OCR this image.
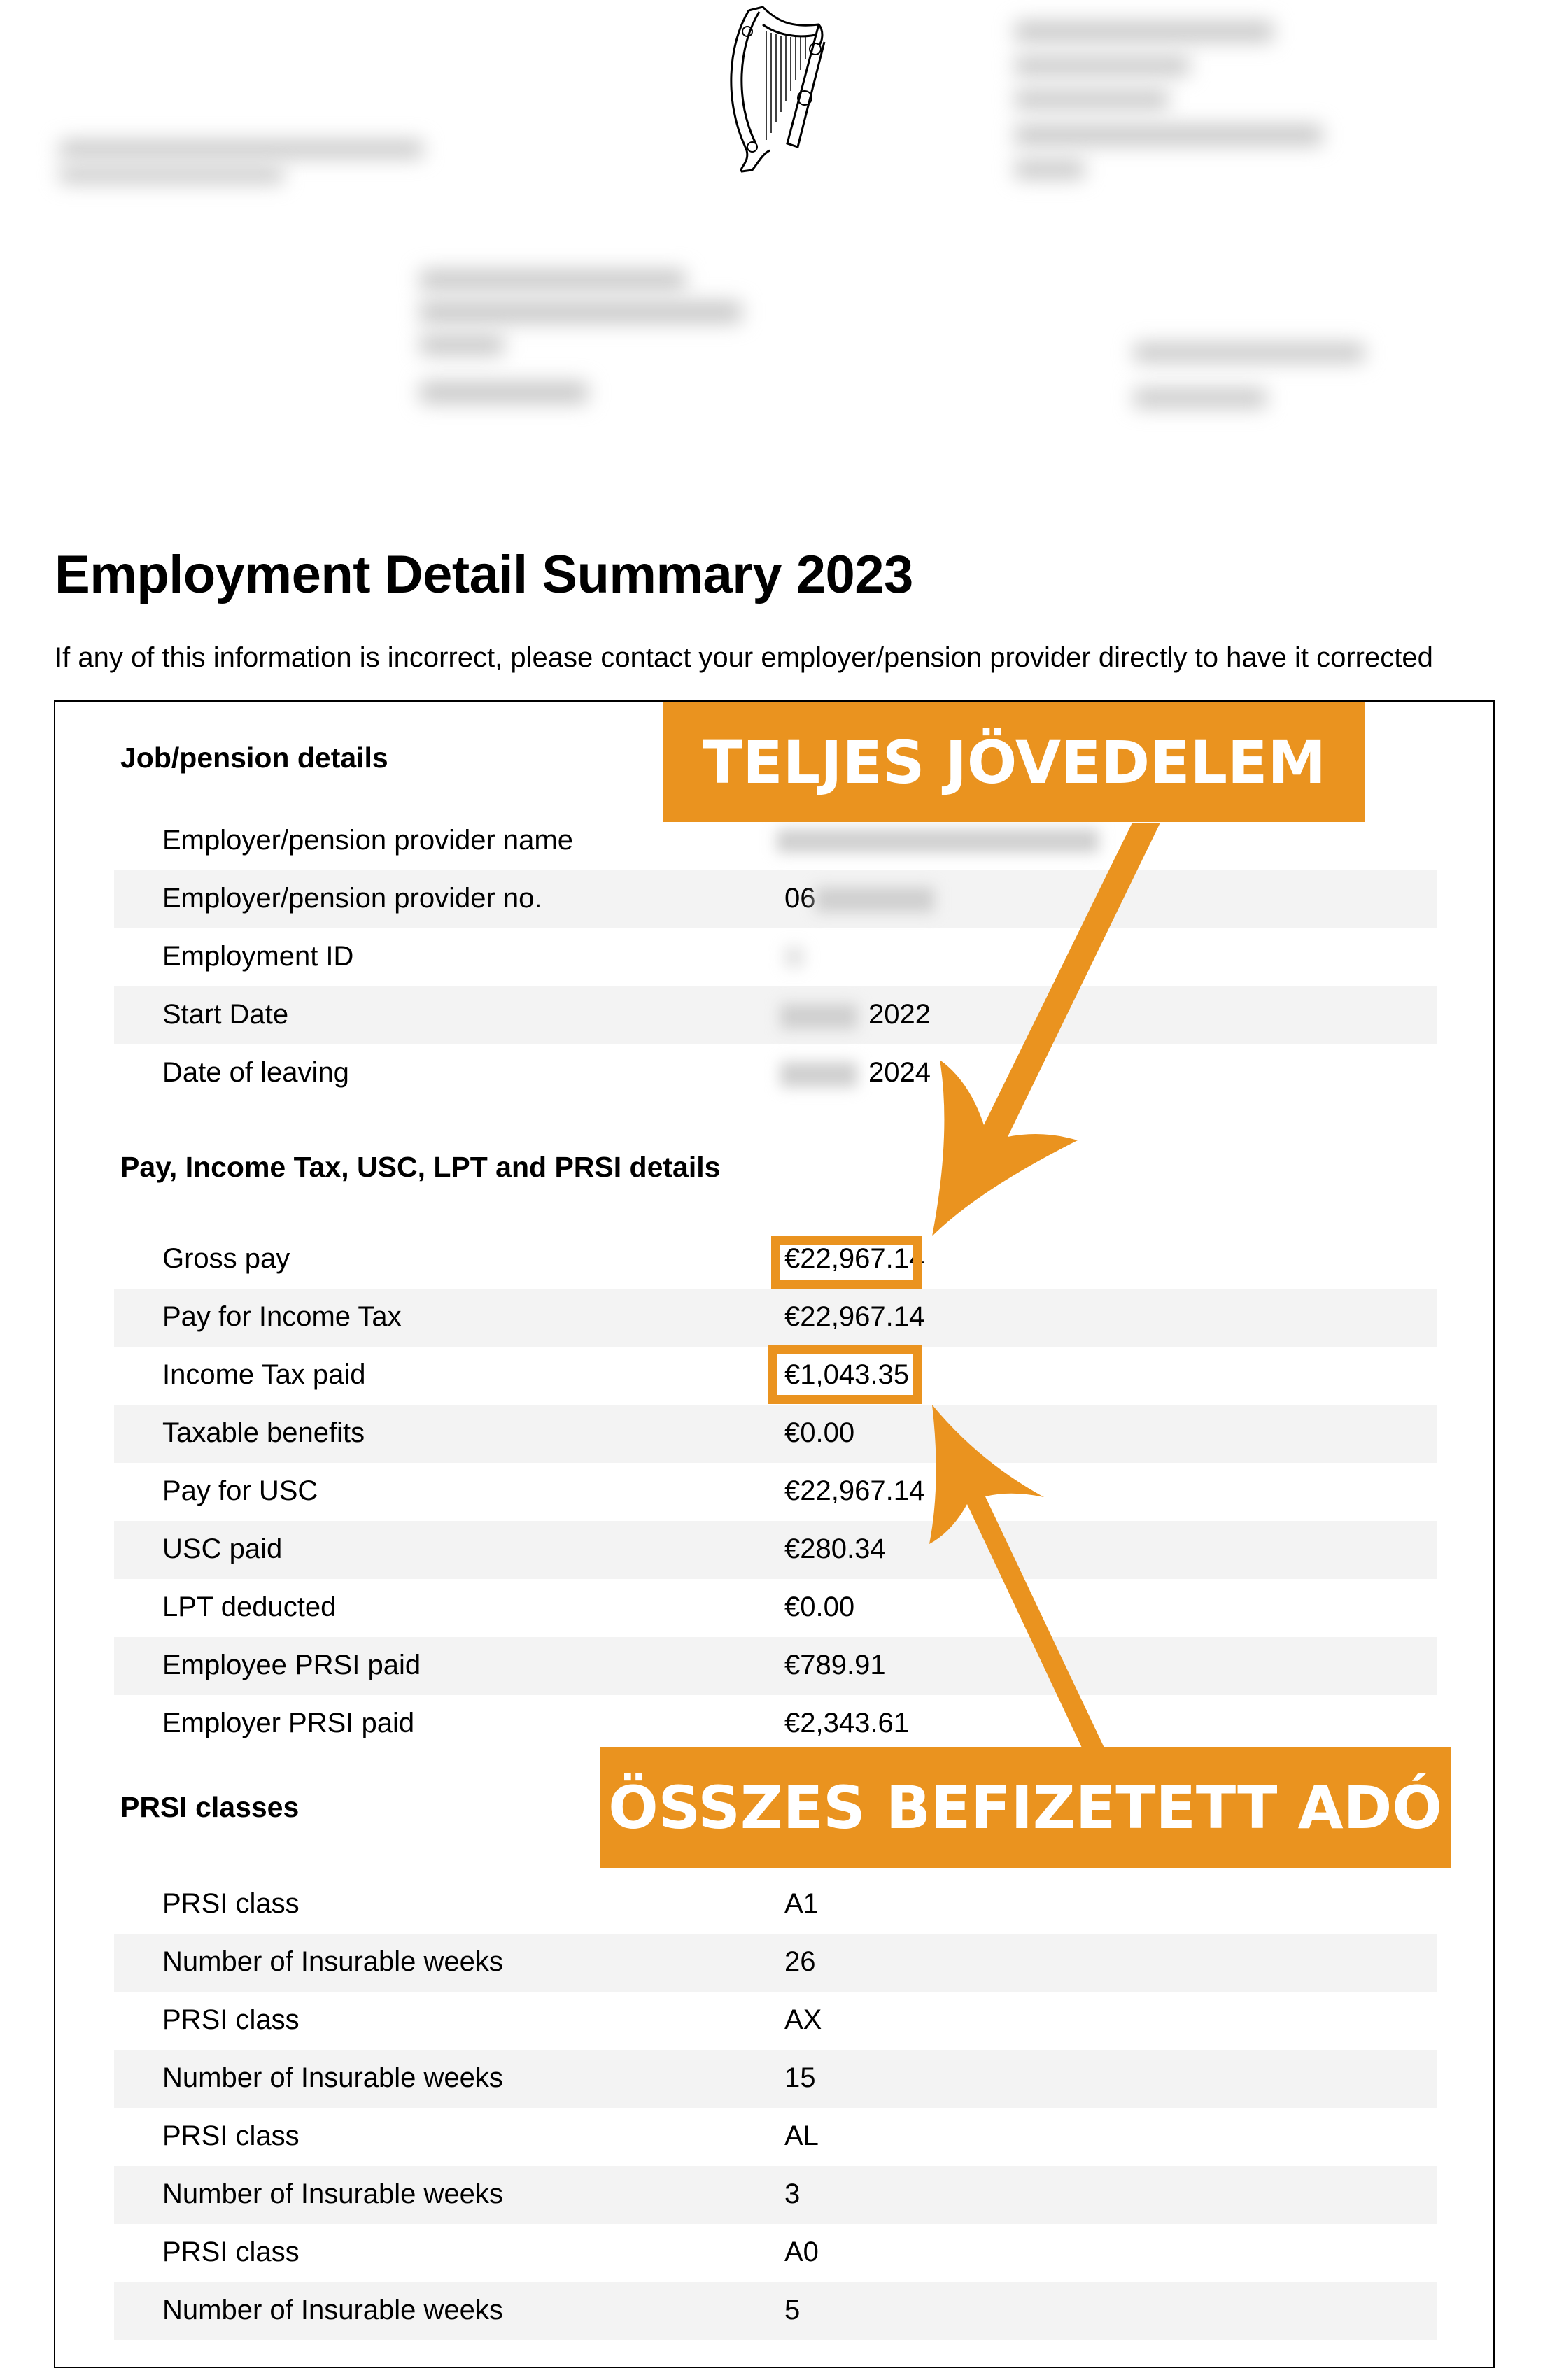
Employment Detail Summary 2023
If any of this information is incorrect, please contact your employer/pension provider directly to have it corrected
Job/pension details
Employer/pension provider name
Employer/pension provider no.	06
Employment ID
Start Date	2022
Date of leaving	2024
Pay, Income Tax, USC, LPT and PRSI details
Gross pay	€22,967.14
Pay for Income Tax	€22,967.14
Income Tax paid	€1,043.35
Taxable benefits	€0.00
Pay for USC	€22,967.14
USC paid	€280.34
LPT deducted	€0.00
Employee PRSI paid	€789.91
Employer PRSI paid	€2,343.61
PRSI classes
PRSI class	A1
Number of Insurable weeks	26
PRSI class	AX
Number of Insurable weeks	15
PRSI class	AL
Number of Insurable weeks	3
PRSI class	A0
Number of Insurable weeks	5
TELJES JÖVEDELEM
ÖSSZES BEFIZETETT ADÓ
